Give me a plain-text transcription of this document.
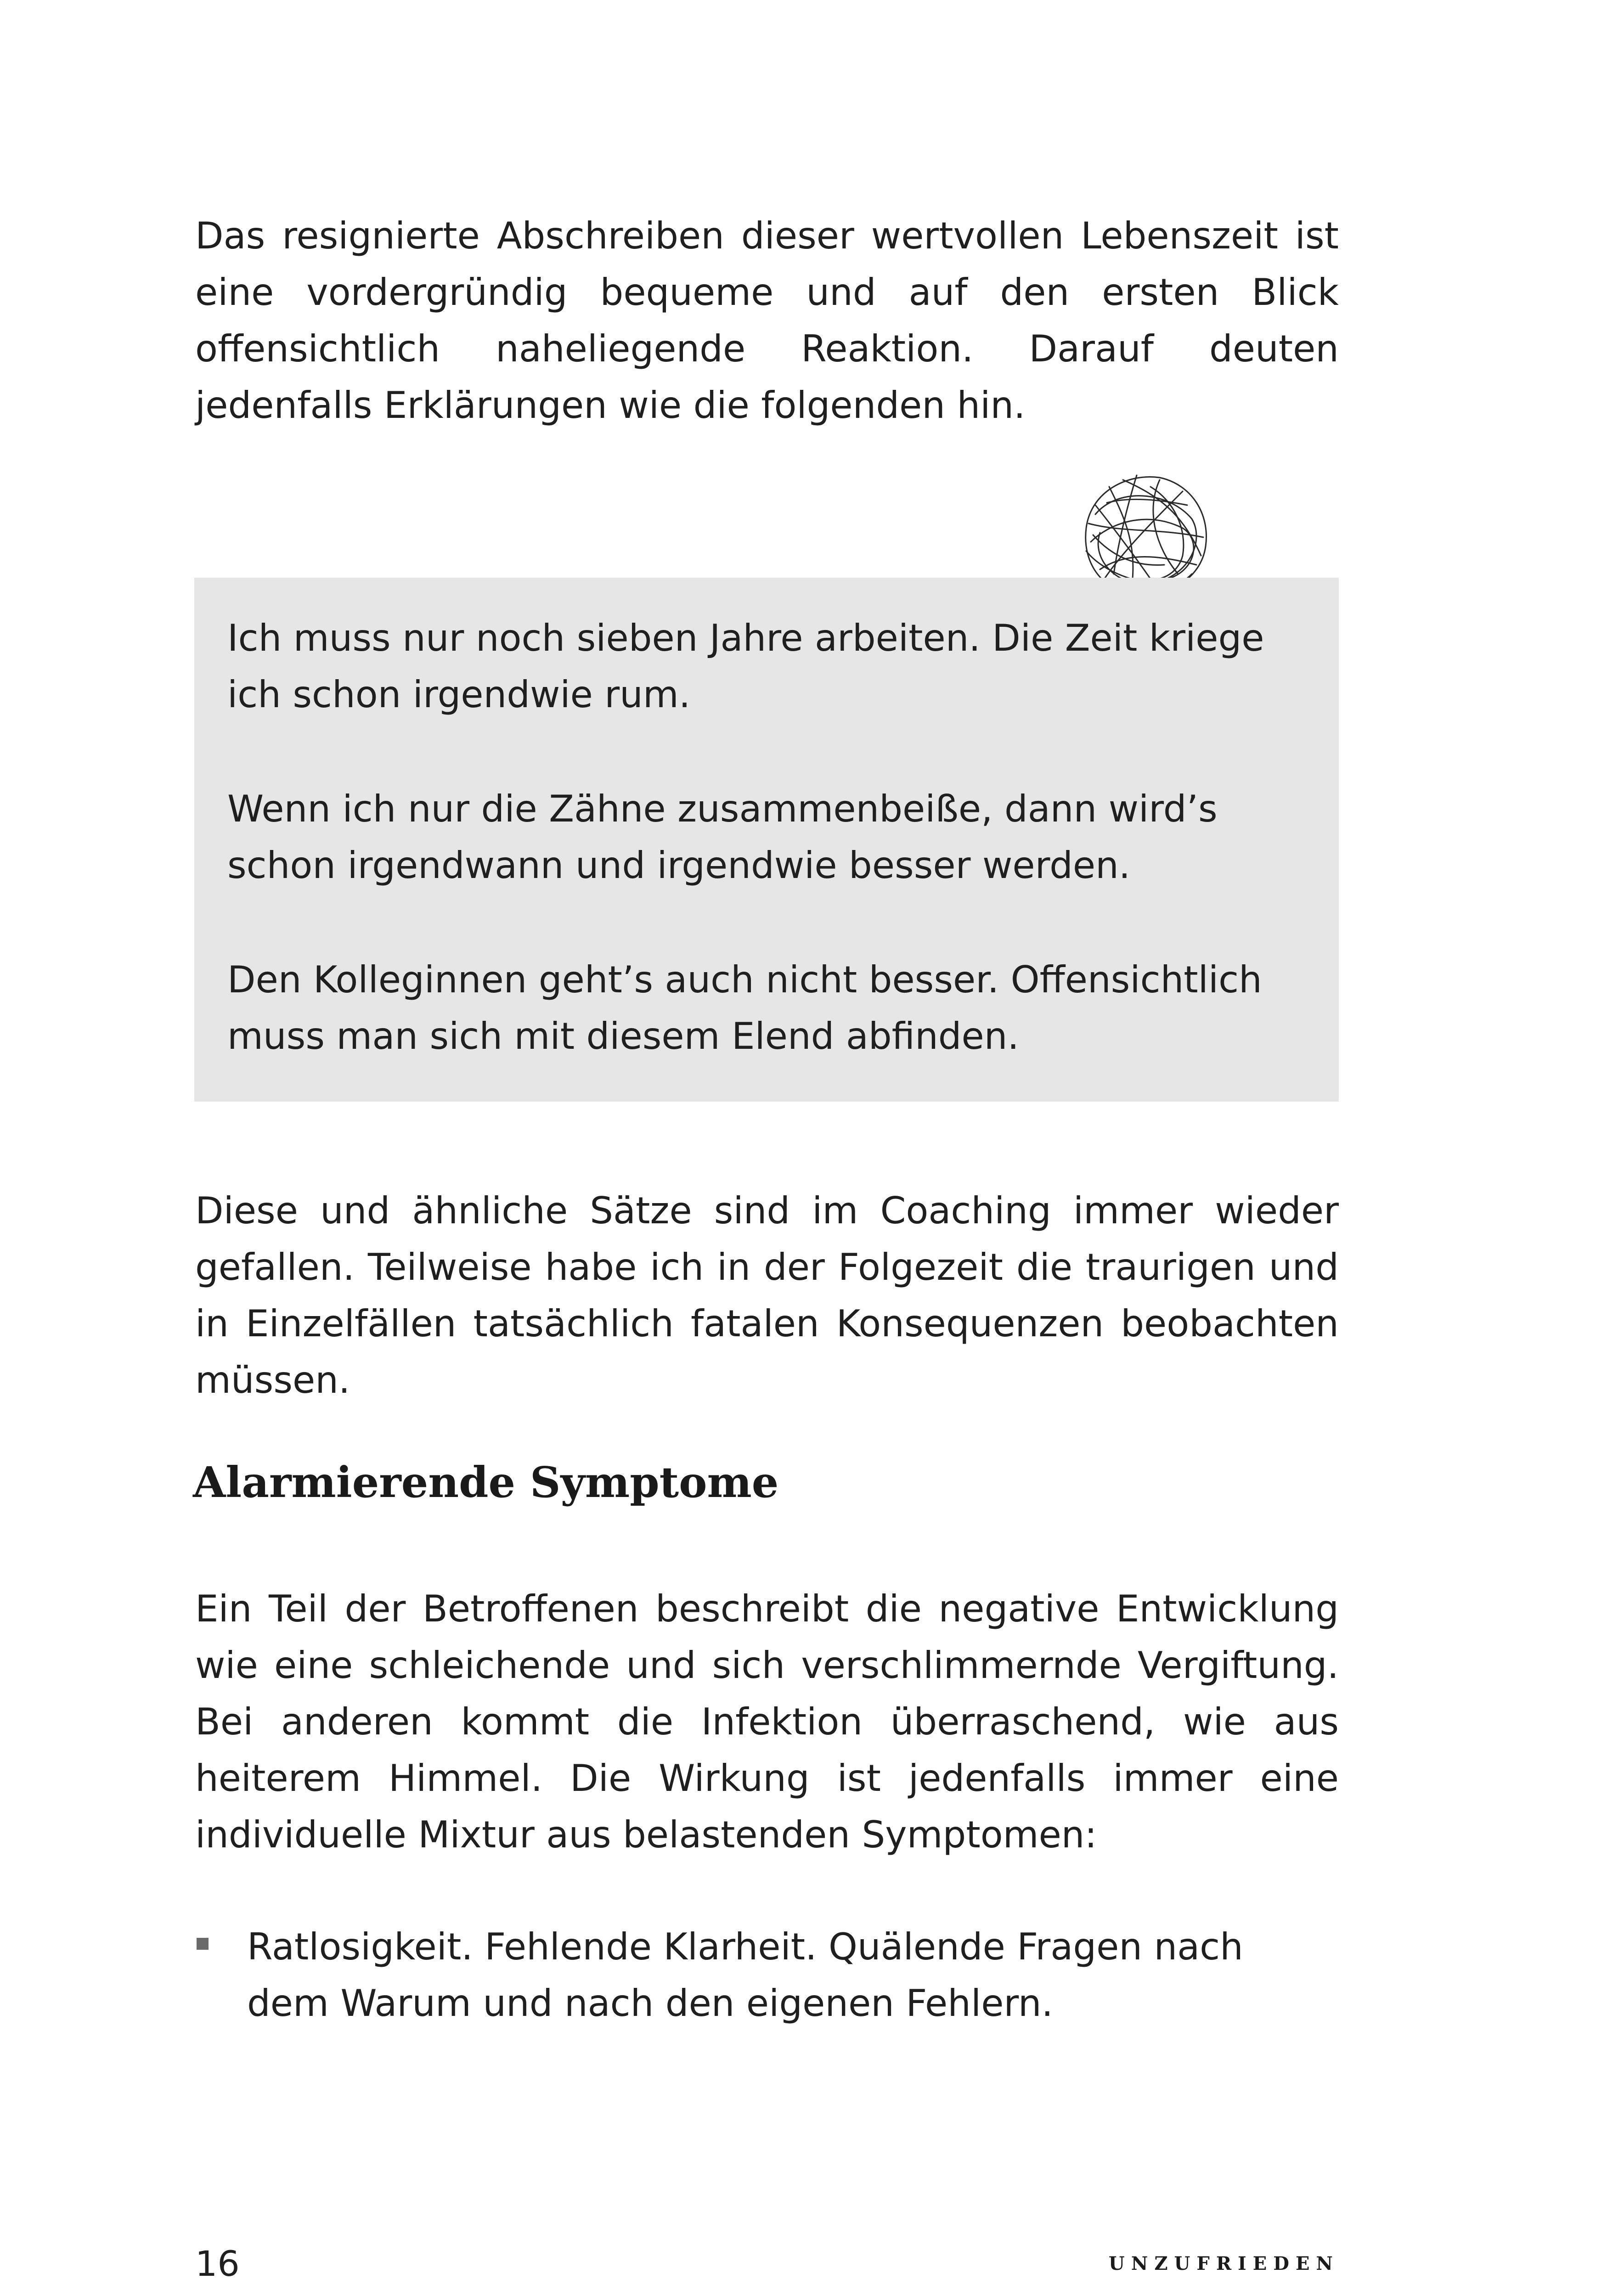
Das resignierte Abschreiben dieser wertvollen Lebenszeit ist eine vordergründig bequeme und auf den ersten Blick offensichtlich naheliegende Reaktion. Darauf deuten jedenfalls Erklärungen wie die folgenden hin.

Ich muss nur noch sieben Jahre arbeiten. Die Zeit kriege ich schon irgendwie rum.

Wenn ich nur die Zähne zusammenbeiße, dann wird’s schon irgendwann und irgendwie besser werden.

Den Kolleginnen geht’s auch nicht besser. Offensichtlich muss man sich mit diesem Elend abfinden.

Diese und ähnliche Sätze sind im Coaching immer wieder gefallen. Teilweise habe ich in der Folgezeit die traurigen und in Einzelfällen tatsächlich fatalen Konsequenzen beobachten müssen.

Alarmierende Symptome

Ein Teil der Betroffenen beschreibt die negative Entwicklung wie eine schleichende und sich verschlimmernde Vergiftung. Bei anderen kommt die Infektion überraschend, wie aus heiterem Himmel. Die Wirkung ist jedenfalls immer eine individuelle Mixtur aus belastenden Symptomen:

Ratlosigkeit. Fehlende Klarheit. Quälende Fragen nach dem Warum und nach den eigenen Fehlern.

16	UNZUFRIEDEN
